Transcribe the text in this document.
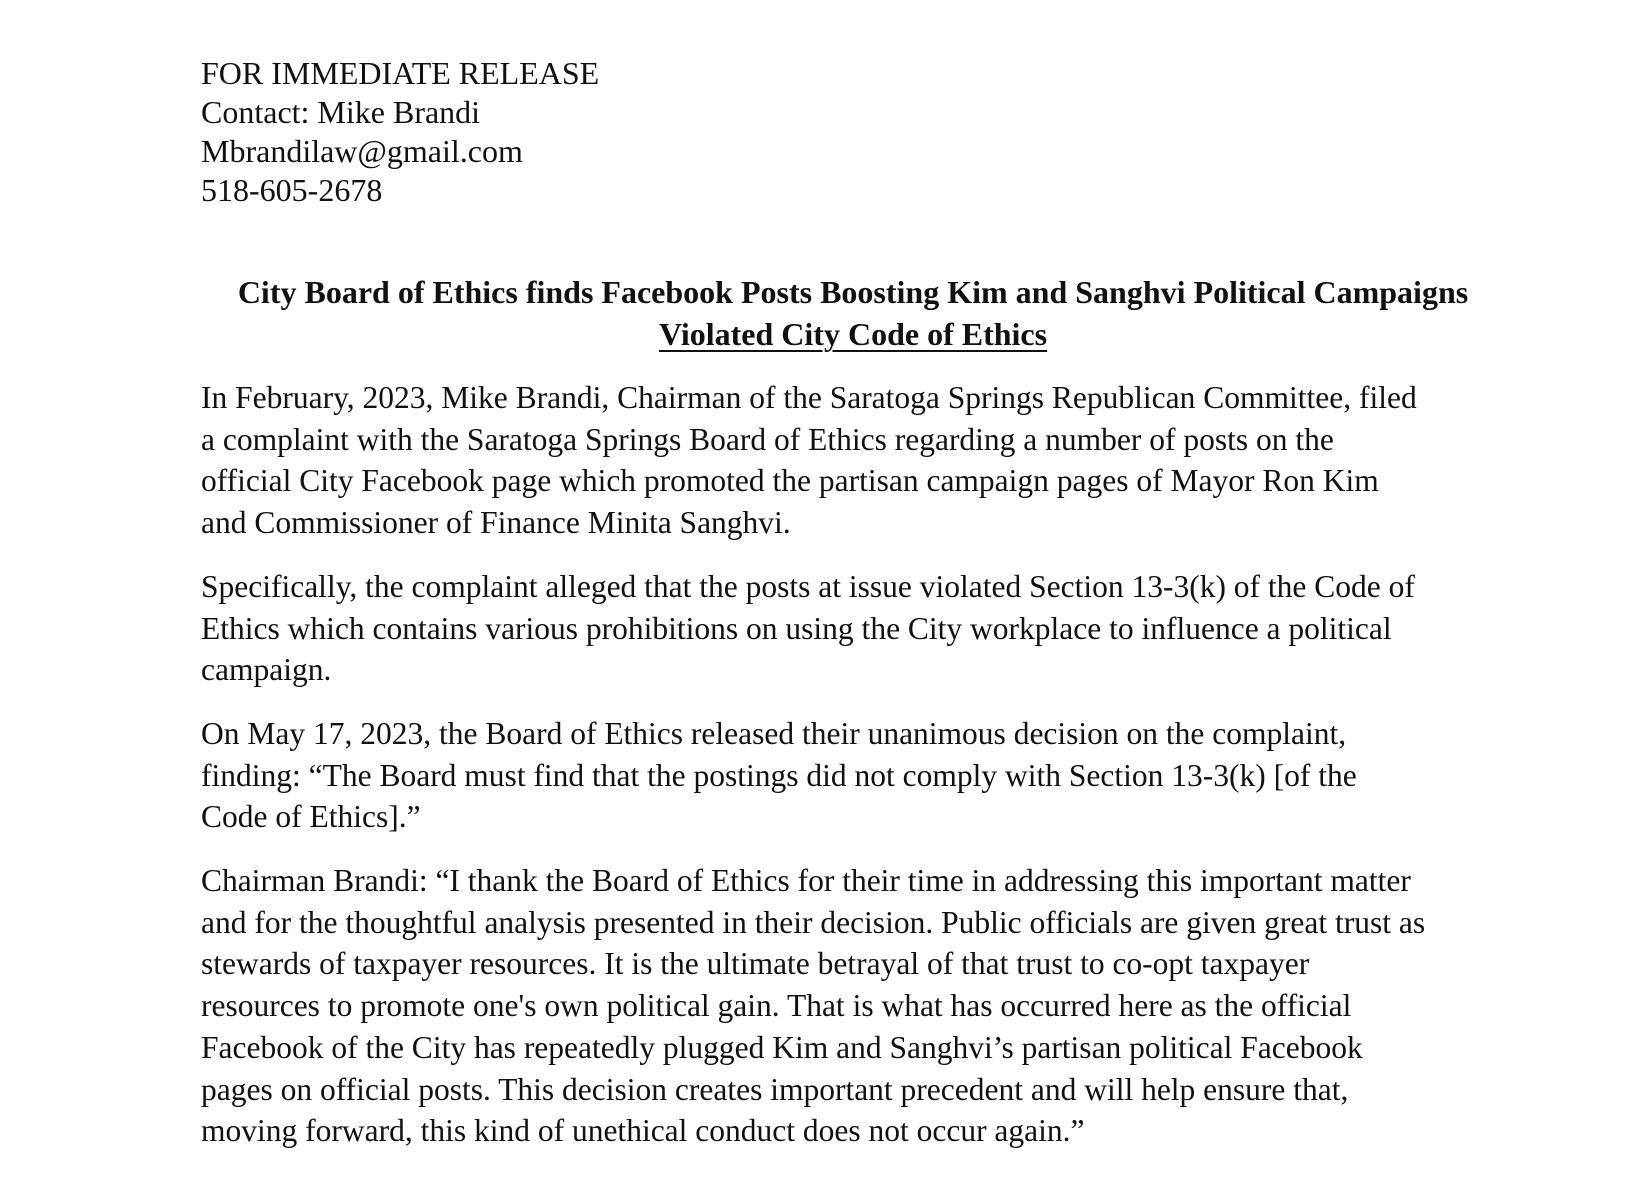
FOR IMMEDIATE RELEASE
Contact: Mike Brandi
Mbrandilaw@gmail.com
518-605-2678
City Board of Ethics finds Facebook Posts Boosting Kim and Sanghvi Political Campaigns
Violated City Code of Ethics
In February, 2023, Mike Brandi, Chairman of the Saratoga Springs Republican Committee, filed
a complaint with the Saratoga Springs Board of Ethics regarding a number of posts on the
official City Facebook page which promoted the partisan campaign pages of Mayor Ron Kim
and Commissioner of Finance Minita Sanghvi.
Specifically, the complaint alleged that the posts at issue violated Section 13-3(k) of the Code of
Ethics which contains various prohibitions on using the City workplace to influence a political
campaign.
On May 17, 2023, the Board of Ethics released their unanimous decision on the complaint,
finding: “The Board must find that the postings did not comply with Section 13-3(k) [of the
Code of Ethics].”
Chairman Brandi: “I thank the Board of Ethics for their time in addressing this important matter
and for the thoughtful analysis presented in their decision. Public officials are given great trust as
stewards of taxpayer resources. It is the ultimate betrayal of that trust to co-opt taxpayer
resources to promote one's own political gain. That is what has occurred here as the official
Facebook of the City has repeatedly plugged Kim and Sanghvi’s partisan political Facebook
pages on official posts. This decision creates important precedent and will help ensure that,
moving forward, this kind of unethical conduct does not occur again.”
